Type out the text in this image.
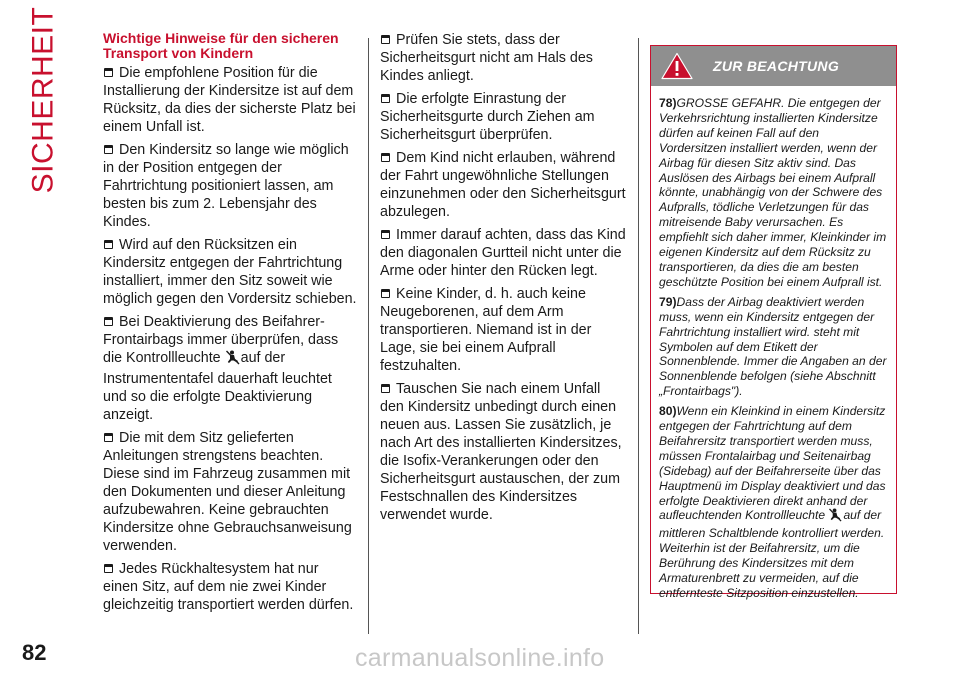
SICHERHEIT
82
Wichtige Hinweise für den sicheren Transport von Kindern
Die empfohlene Position für die Installierung der Kindersitze ist auf dem Rücksitz, da dies der sicherste Platz bei einem Unfall ist.
Den Kindersitz so lange wie möglich in der Position entgegen der Fahrtrichtung positioniert lassen, am besten bis zum 2. Lebensjahr des Kindes.
Wird auf den Rücksitzen ein Kindersitz entgegen der Fahrtrichtung installiert, immer den Sitz soweit wie möglich gegen den Vordersitz schieben.
Bei Deaktivierung des Beifahrer-Frontairbags immer überprüfen, dass die Kontrollleuchte auf der Instrumententafel dauerhaft leuchtet und so die erfolgte Deaktivierung anzeigt.
Die mit dem Sitz gelieferten Anleitungen strengstens beachten. Diese sind im Fahrzeug zusammen mit den Dokumenten und dieser Anleitung aufzubewahren. Keine gebrauchten Kindersitze ohne Gebrauchsanweisung verwenden.
Jedes Rückhaltesystem hat nur einen Sitz, auf dem nie zwei Kinder gleichzeitig transportiert werden dürfen.
Prüfen Sie stets, dass der Sicherheitsgurt nicht am Hals des Kindes anliegt.
Die erfolgte Einrastung der Sicherheitsgurte durch Ziehen am Sicherheitsgurt überprüfen.
Dem Kind nicht erlauben, während der Fahrt ungewöhnliche Stellungen einzunehmen oder den Sicherheitsgurt abzulegen.
Immer darauf achten, dass das Kind den diagonalen Gurtteil nicht unter die Arme oder hinter den Rücken legt.
Keine Kinder, d. h. auch keine Neugeborenen, auf dem Arm transportieren. Niemand ist in der Lage, sie bei einem Aufprall festzuhalten.
Tauschen Sie nach einem Unfall den Kindersitz unbedingt durch einen neuen aus. Lassen Sie zusätzlich, je nach Art des installierten Kindersitzes, die Isofix-Verankerungen oder den Sicherheitsgurt austauschen, der zum Festschnallen des Kindersitzes verwendet wurde.
ZUR BEACHTUNG
78)GROSSE GEFAHR. Die entgegen der Verkehrsrichtung installierten Kindersitze dürfen auf keinen Fall auf den Vordersitzen installiert werden, wenn der Airbag für diesen Sitz aktiv sind. Das Auslösen des Airbags bei einem Aufprall könnte, unabhängig von der Schwere des Aufpralls, tödliche Verletzungen für das mitreisende Baby verursachen. Es empfiehlt sich daher immer, Kleinkinder im eigenen Kindersitz auf dem Rücksitz zu transportieren, da dies die am besten geschützte Position bei einem Aufprall ist.
79)Dass der Airbag deaktiviert werden muss, wenn ein Kindersitz entgegen der Fahrtrichtung installiert wird. steht mit Symbolen auf dem Etikett der Sonnenblende. Immer die Angaben an der Sonnenblende befolgen (siehe Abschnitt „Frontairbags").
80)Wenn ein Kleinkind in einem Kindersitz entgegen der Fahrtrichtung auf dem Beifahrersitz transportiert werden muss, müssen Frontalairbag und Seitenairbag (Sidebag) auf der Beifahrerseite über das Hauptmenü im Display deaktiviert und das erfolgte Deaktivieren direkt anhand der aufleuchtenden Kontrollleuchte auf der mittleren Schaltblende kontrolliert werden. Weiterhin ist der Beifahrersitz, um die Berührung des Kindersitzes mit dem Armaturenbrett zu vermeiden, auf die entfernteste Sitzposition einzustellen.
carmanualsonline.info
